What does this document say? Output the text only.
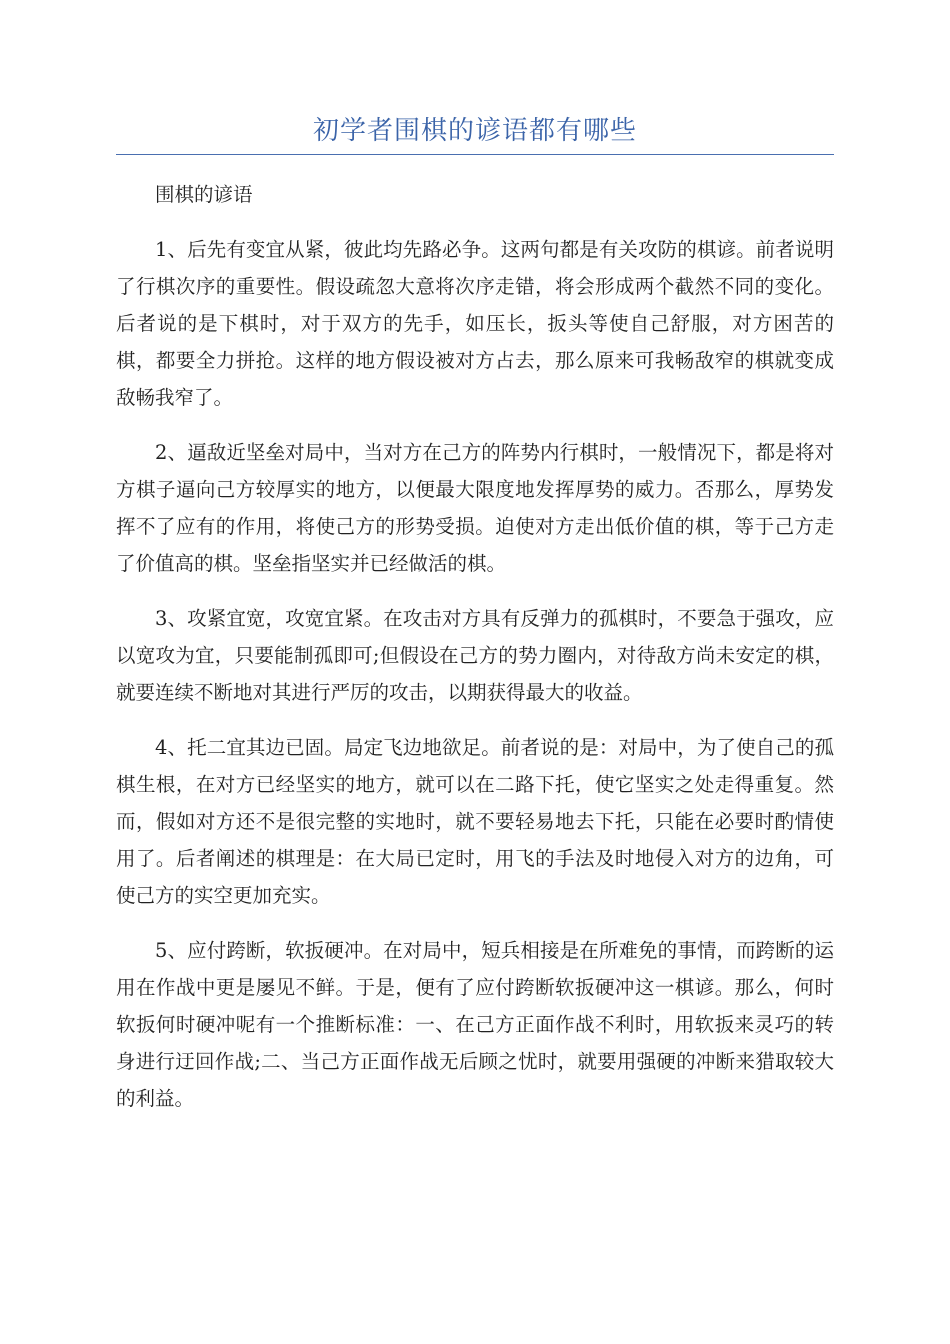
初学者围棋的谚语都有哪些

围棋的谚语

1、后先有变宜从紧，彼此均先路必争。这两句都是有关攻防的棋谚。前者说明了行棋次序的重要性。假设疏忽大意将次序走错，将会形成两个截然不同的变化。后者说的是下棋时，对于双方的先手，如压长，扳头等使自己舒服，对方困苦的棋，都要全力拼抢。这样的地方假设被对方占去，那么原来可我畅敌窄的棋就变成敌畅我窄了。

2、逼敌近坚垒对局中，当对方在己方的阵势内行棋时，一般情况下，都是将对方棋子逼向己方较厚实的地方，以便最大限度地发挥厚势的威力。否那么，厚势发挥不了应有的作用，将使己方的形势受损。迫使对方走出低价值的棋，等于己方走了价值高的棋。坚垒指坚实并已经做活的棋。

3、攻紧宜宽，攻宽宜紧。在攻击对方具有反弹力的孤棋时，不要急于强攻，应以宽攻为宜，只要能制孤即可;但假设在己方的势力圈内，对待敌方尚未安定的棋，就要连续不断地对其进行严厉的攻击，以期获得最大的收益。

4、托二宜其边已固。局定飞边地欲足。前者说的是：对局中，为了使自己的孤棋生根，在对方已经坚实的地方，就可以在二路下托，使它坚实之处走得重复。然而，假如对方还不是很完整的实地时，就不要轻易地去下托，只能在必要时酌情使用了。后者阐述的棋理是：在大局已定时，用飞的手法及时地侵入对方的边角，可使己方的实空更加充实。

5、应付跨断，软扳硬冲。在对局中，短兵相接是在所难免的事情，而跨断的运用在作战中更是屡见不鲜。于是，便有了应付跨断软扳硬冲这一棋谚。那么，何时软扳何时硬冲呢有一个推断标准：一、在己方正面作战不利时，用软扳来灵巧的转身进行迂回作战;二、当己方正面作战无后顾之忧时，就要用强硬的冲断来猎取较大的利益。
